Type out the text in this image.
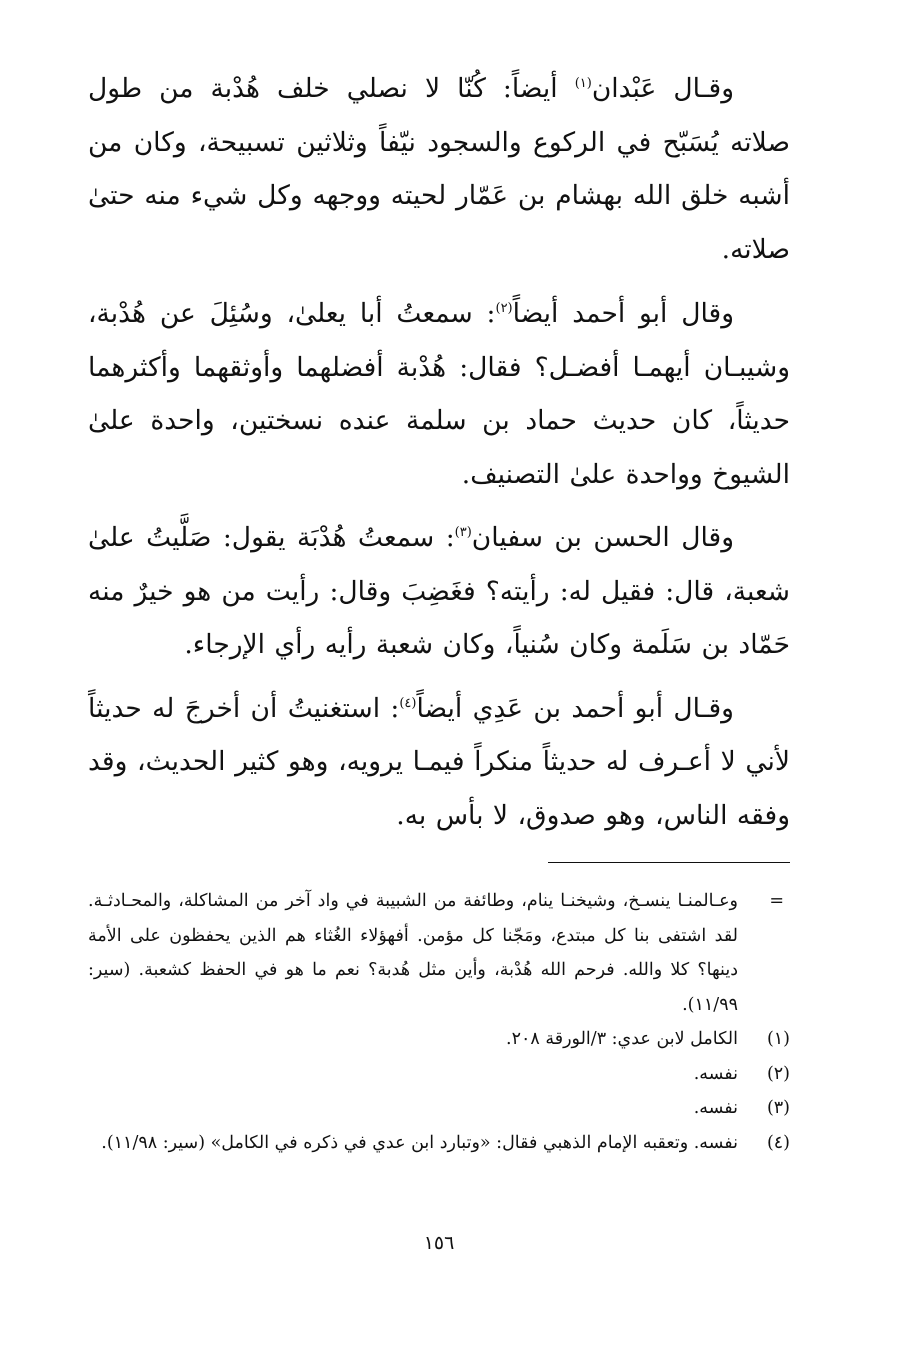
وقـال عَبْدان$^{(١)}$ أيضاً: كُنّا لا نصلي خلف هُدْبة من طول صلاته يُسَبّح في الركوع والسجود نيّفاً وثلاثين تسبيحة، وكان من أشبه خلق الله بهشام بن عَمّار لحيته ووجهه وكل شيء منه حتىٰ صلاته.

وقال أبو أحمد أيضاً$^{(٢)}$: سمعتُ أبا يعلىٰ، وسُئِلَ عن هُدْبة، وشيبـان أيهمـا أفضـل؟ فقال: هُدْبة أفضلهما وأوثقهما وأكثرهما حديثاً، كان حديث حماد بن سلمة عنده نسختين، واحدة علىٰ الشيوخ وواحدة علىٰ التصنيف.

وقال الحسن بن سفيان$^{(٣)}$: سمعتُ هُدْبَة يقول: صَلَّيتُ علىٰ شعبة، قال: فقيل له: رأيته؟ فغَضِبَ وقال: رأيت من هو خيرٌ منه حَمّاد بن سَلَمة وكان سُنياً، وكان شعبة رأيه رأي الإرجاء.

وقـال أبو أحمد بن عَدِي أيضاً$^{(٤)}$: استغنيتُ أن أخرجَ له حديثاً لأني لا أعـرف له حديثاً منكراً فيمـا يرويه، وهو كثير الحديث، وقد وفقه الناس، وهو صدوق، لا بأس به.

=
وعـالمنـا ينسـخ، وشيخنـا ينام، وطائفة من الشبيبة في واد آخر من المشاكلة، والمحـادثـة. لقد اشتفى بنا كل مبتدع، ومَجّنا كل مؤمن. أفهؤلاء الغُثاء هم الذين يحفظون على الأمة دينها؟ كلا والله. فرحم الله هُدْبة، وأين مثل هُدبة؟ نعم ما هو في الحفظ كشعبة. (سير: ١١/٩٩).
(١)
الكامل لابن عدي: ٣/الورقة ٢٠٨.
(٢)
نفسه.
(٣)
نفسه.
(٤)
نفسه. وتعقبه الإمام الذهبي فقال: «وتبارد ابن عدي في ذكره في الكامل» (سير: ١١/٩٨).
١٥٦
